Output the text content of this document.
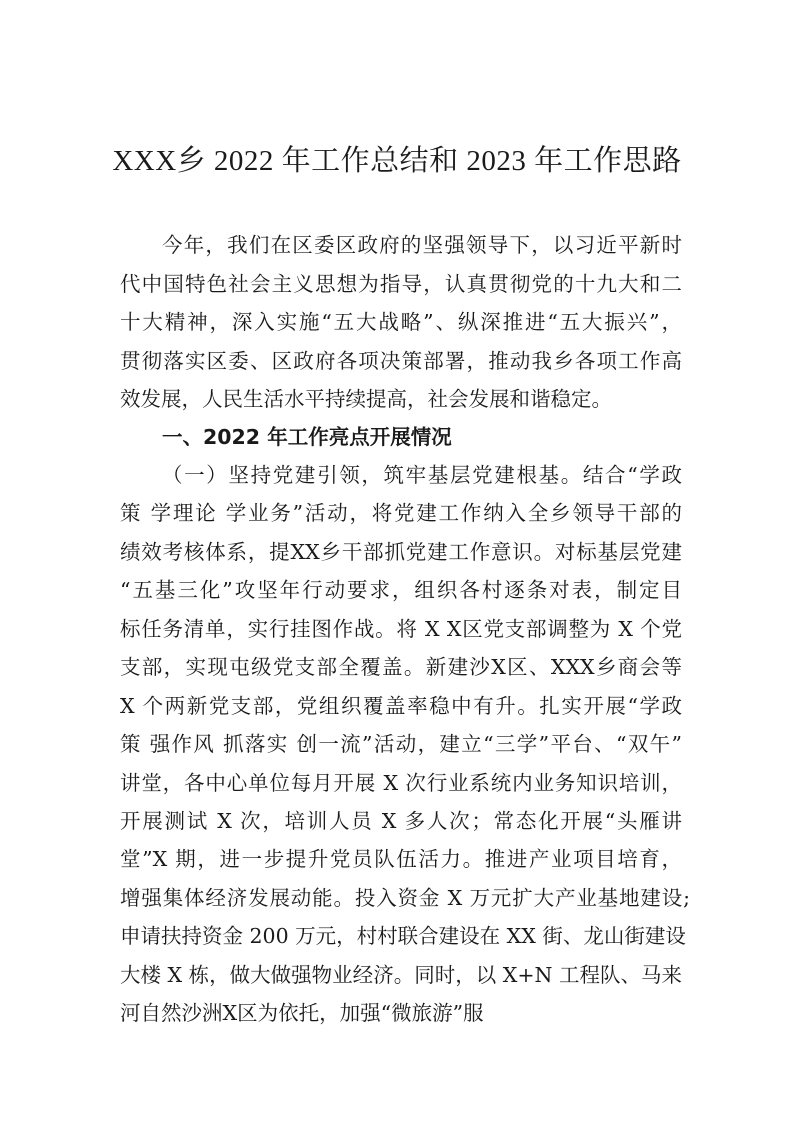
XXX乡 2022 年工作总结和 2023 年工作思路
今年，我们在区委区政府的坚强领导下，以习近平新时
代中国特色社会主义思想为指导，认真贯彻党的十九大和二
十大精神，深入实施“五大战略”、纵深推进“五大振兴”，
贯彻落实区委、区政府各项决策部署，推动我乡各项工作高
效发展，人民生活水平持续提高，社会发展和谐稳定。
一、2022 年工作亮点开展情况
（一）坚持党建引领，筑牢基层党建根基。结合“学政
策 学理论 学业务”活动，将党建工作纳入全乡领导干部的
绩效考核体系，提XX乡干部抓党建工作意识。对标基层党建
“五基三化”攻坚年行动要求，组织各村逐条对表，制定目
标任务清单，实行挂图作战。将 X X区党支部调整为 X 个党
支部，实现屯级党支部全覆盖。新建沙X区、XXX乡商会等
X 个两新党支部，党组织覆盖率稳中有升。扎实开展“学政
策 强作风 抓落实 创一流”活动，建立“三学”平台、“双午”
讲堂，各中心单位每月开展 X 次行业系统内业务知识培训，
开展测试 X 次，培训人员 X 多人次；常态化开展“头雁讲
堂”X 期，进一步提升党员队伍活力。推进产业项目培育，
增强集体经济发展动能。投入资金 X 万元扩大产业基地建设;
申请扶持资金 200 万元，村村联合建设在 XX 街、龙山街建设
大楼 X 栋，做大做强物业经济。同时，以 X+N 工程队、马来
河自然沙洲X区为依托，加强“微旅游”服
